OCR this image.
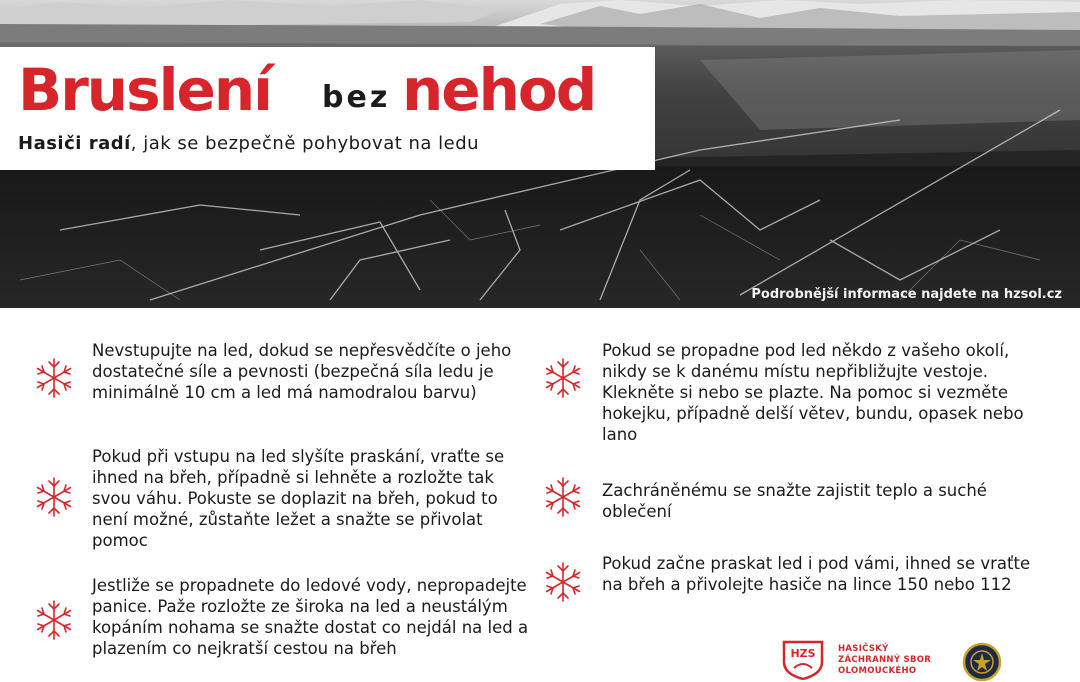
Bruslení bez nehod
Hasiči radí, jak se bezpečně pohybovat na ledu
Podrobnější informace najdete na hzsol.cz
Nevstupujte na led, dokud se nepřesvědčíte o jeho dostatečné síle a pevnosti (bezpečná síla ledu je minimálně 10 cm a led má namodralou barvu)
Pokud při vstupu na led slyšíte praskání, vraťte se ihned na břeh, případně si lehněte a rozložte tak svou váhu. Pokuste se doplazit na břeh, pokud to není možné, zůstaňte ležet a snažte se přivolat pomoc
Jestliže se propadnete do ledové vody, nepropadejte panice. Paže rozložte ze široka na led a neustálým kopáním nohama se snažte dostat co nejdál na led a plazením co nejkratší cestou na břeh
Pokud se propadne pod led někdo z vašeho okolí, nikdy se k danému místu nepřibližujte vestoje. Klekněte si nebo se plazte. Na pomoc si vezměte hokejku, případně delší větev, bundu, opasek nebo lano
Zachráněnému se snažte zajistit teplo a suché oblečení
Pokud začne praskat led i pod vámi, ihned se vraťte na břeh a přivolejte hasiče na lince 150 nebo 112
HZS	HASIČSKÝ
ZÁCHRANNÝ SBOR
OLOMOUCKÉHO
